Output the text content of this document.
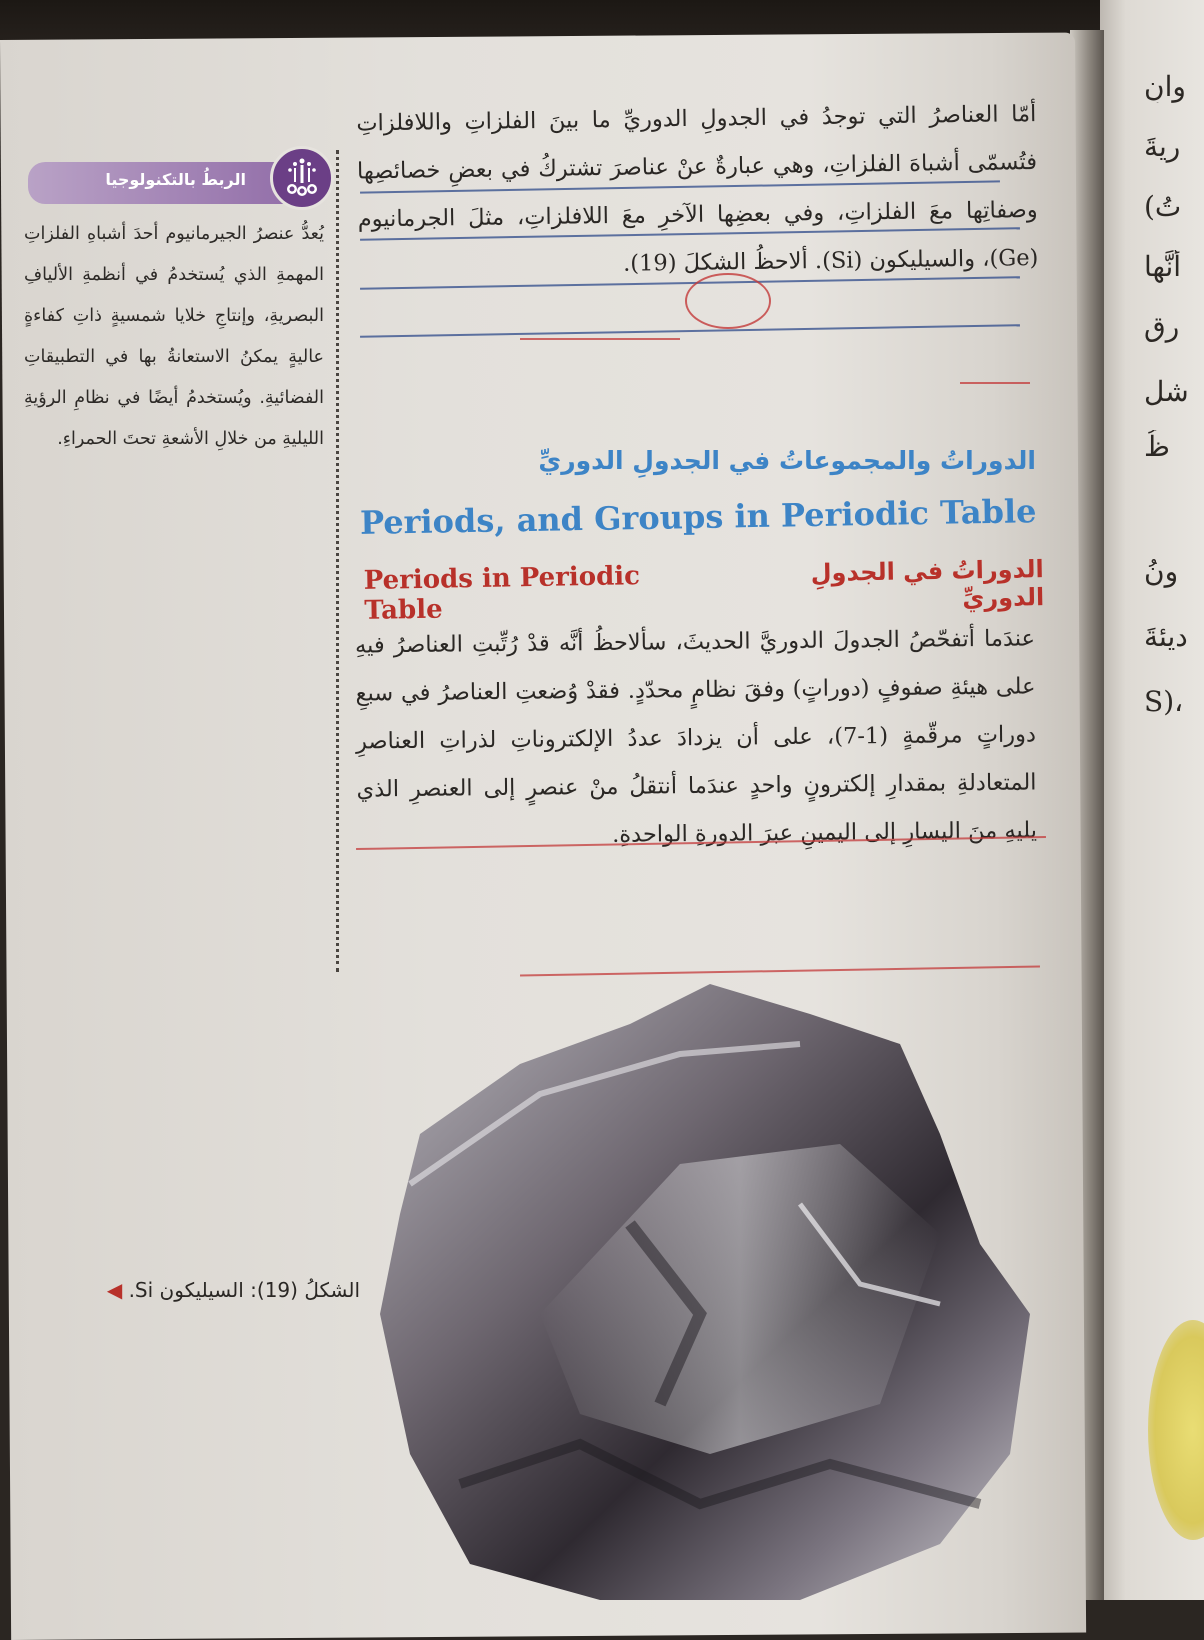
وانِ
ريةَ
تُ)
أنَّها
رقِ
شل
ظُ
ونُ
ديئةَ
،(S
الربطُ بالتكنولوجيا
يُعدُّ عنصرُ الجيرمانيوم أحدَ أشباهِ الفلزاتِ المهمةِ الذي يُستخدمُ في أنظمةِ الأليافِ البصريةِ، وإنتاجِ خلايا شمسيةٍ ذاتِ كفاءةٍ عاليةٍ يمكنُ الاستعانةُ بها في التطبيقاتِ الفضائيةِ. ويُستخدمُ أيضًا في نظامِ الرؤيةِ الليليةِ من خلالِ الأشعةِ تحتَ الحمراءِ.
أمّا العناصرُ التي توجدُ في الجدولِ الدوريِّ ما بينَ الفلزاتِ واللافلزاتِ فتُسمّى أشباهَ الفلزاتِ، وهي عبارةٌ عنْ عناصرَ تشتركُ في بعضِ خصائصِها وصفاتِها معَ الفلزاتِ، وفي بعضِها الآخرِ معَ اللافلزاتِ، مثلَ الجرمانيوم (Ge)، والسيليكون (Si). ألاحظُ الشكلَ (19).
الدوراتُ والمجموعاتُ في الجدولِ الدوريِّ
Periods, and Groups in Periodic Table
Periods in Periodic Table
الدوراتُ في الجدولِ الدوريِّ
عندَما أتفحّصُ الجدولَ الدوريَّ الحديثَ، سألاحظُ أنَّه قدْ رُتِّبتِ العناصرُ فيهِ على هيئةِ صفوفٍ (دوراتٍ) وفقَ نظامٍ محدّدٍ. فقدْ وُضعتِ العناصرُ في سبعِ دوراتٍ مرقّمةٍ (1-7)، على أن يزدادَ عددُ الإلكتروناتِ لذراتِ العناصرِ المتعادلةِ بمقدارِ إلكترونٍ واحدٍ عندَما أنتقلُ منْ عنصرٍ إلى العنصرِ الذي يليهِ منَ اليسارِ إلى اليمينِ عبرَ الدورةِ الواحدةِ.
الشكلُ (19): السيليكون Si. ◀
